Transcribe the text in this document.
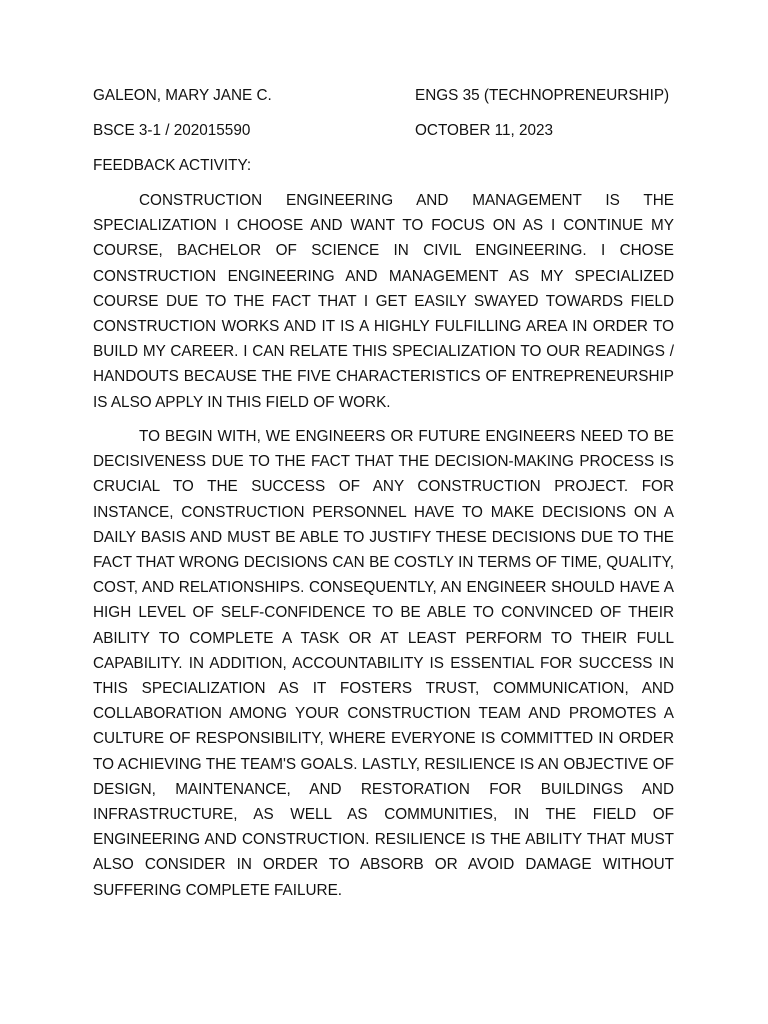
GALEON, MARY JANE C.	ENGS 35 (TECHNOPRENEURSHIP)
BSCE 3-1 / 202015590	OCTOBER 11, 2023
FEEDBACK ACTIVITY:

CONSTRUCTION ENGINEERING AND MANAGEMENT IS THE SPECIALIZATION I CHOOSE AND WANT TO FOCUS ON AS I CONTINUE MY COURSE, BACHELOR OF SCIENCE IN CIVIL ENGINEERING. I CHOSE CONSTRUCTION ENGINEERING AND MANAGEMENT AS MY SPECIALIZED COURSE DUE TO THE FACT THAT I GET EASILY SWAYED TOWARDS FIELD CONSTRUCTION WORKS AND IT IS A HIGHLY FULFILLING AREA IN ORDER TO BUILD MY CAREER. I CAN RELATE THIS SPECIALIZATION TO OUR READINGS / HANDOUTS BECAUSE THE FIVE CHARACTERISTICS OF ENTREPRENEURSHIP IS ALSO APPLY IN THIS FIELD OF WORK.

TO BEGIN WITH, WE ENGINEERS OR FUTURE ENGINEERS NEED TO BE DECISIVENESS DUE TO THE FACT THAT THE DECISION-MAKING PROCESS IS CRUCIAL TO THE SUCCESS OF ANY CONSTRUCTION PROJECT. FOR INSTANCE, CONSTRUCTION PERSONNEL HAVE TO MAKE DECISIONS ON A DAILY BASIS AND MUST BE ABLE TO JUSTIFY THESE DECISIONS DUE TO THE FACT THAT WRONG DECISIONS CAN BE COSTLY IN TERMS OF TIME, QUALITY, COST, AND RELATIONSHIPS. CONSEQUENTLY, AN ENGINEER SHOULD HAVE A HIGH LEVEL OF SELF-CONFIDENCE TO BE ABLE TO CONVINCED OF THEIR ABILITY TO COMPLETE A TASK OR AT LEAST PERFORM TO THEIR FULL CAPABILITY. IN ADDITION, ACCOUNTABILITY IS ESSENTIAL FOR SUCCESS IN THIS SPECIALIZATION AS IT FOSTERS TRUST, COMMUNICATION, AND COLLABORATION AMONG YOUR CONSTRUCTION TEAM AND PROMOTES A CULTURE OF RESPONSIBILITY, WHERE EVERYONE IS COMMITTED IN ORDER TO ACHIEVING THE TEAM'S GOALS. LASTLY, RESILIENCE IS AN OBJECTIVE OF DESIGN, MAINTENANCE, AND RESTORATION FOR BUILDINGS AND INFRASTRUCTURE, AS WELL AS COMMUNITIES, IN THE FIELD OF ENGINEERING AND CONSTRUCTION. RESILIENCE IS THE ABILITY THAT MUST ALSO CONSIDER IN ORDER TO ABSORB OR AVOID DAMAGE WITHOUT SUFFERING COMPLETE FAILURE.
